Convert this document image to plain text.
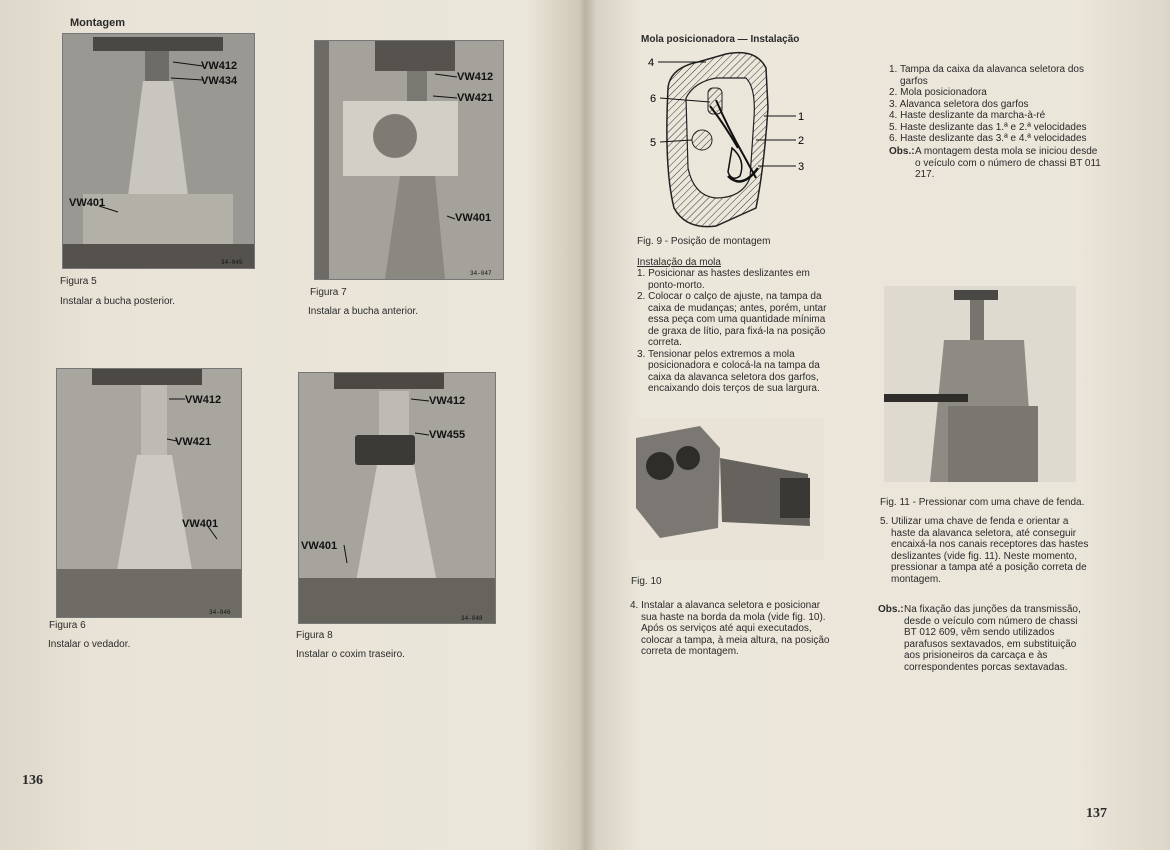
Montagem
VW412
VW434
VW401
34-045
Figura 5
Instalar a bucha posterior.
VW412
VW421
VW401
34-047
Figura 7
Instalar a bucha anterior.
VW412
VW421
VW401
34-046
Figura 6
Instalar o vedador.
VW412
VW455
VW401
34-048
Figura 8
Instalar o coxim traseiro.
136
Mola posicionadora — Instalação
4
6
5
1
2
3
Fig. 9 - Posição de montagem
1. Tampa da caixa da alavanca seletora dos garfos
2. Mola posicionadora
3. Alavanca seletora dos garfos
4. Haste deslizante da marcha-à-ré
5. Haste deslizante das 1.ª e 2.ª velocidades
6. Haste deslizante das 3.ª e 4.ª velocidades
Obs.: A montagem desta mola se iniciou desde o veículo com o número de chassi BT 011 217.
Instalação da mola
1. Posicionar as hastes deslizantes em ponto-morto.
2. Colocar o calço de ajuste, na tampa da caixa de mudanças; antes, porém, untar essa peça com uma quantidade mínima de graxa de lítio, para fixá-la na posição correta.
3. Tensionar pelos extremos a mola posicionadora e colocá-la na tampa da caixa da alavanca seletora dos garfos, encaixando dois terços de sua largura.
Fig. 10
4. Instalar a alavanca seletora e posicionar sua haste na borda da mola (vide fig. 10). Após os serviços até aqui executados, colocar a tampa, à meia altura, na posição correta de montagem.
Fig. 11 - Pressionar com uma chave de fenda.
5. Utilizar uma chave de fenda e orientar a haste da alavanca seletora, até conseguir encaixá-la nos canais receptores das hastes deslizantes (vide fig. 11). Neste momento, pressionar a tampa até a posição correta de montagem.
Obs.: Na fixação das junções da transmissão, desde o veículo com número de chassi BT 012 609, vêm sendo utilizados parafusos sextavados, em substituição aos prisioneiros da carcaça e às correspondentes porcas sextavadas.
137
